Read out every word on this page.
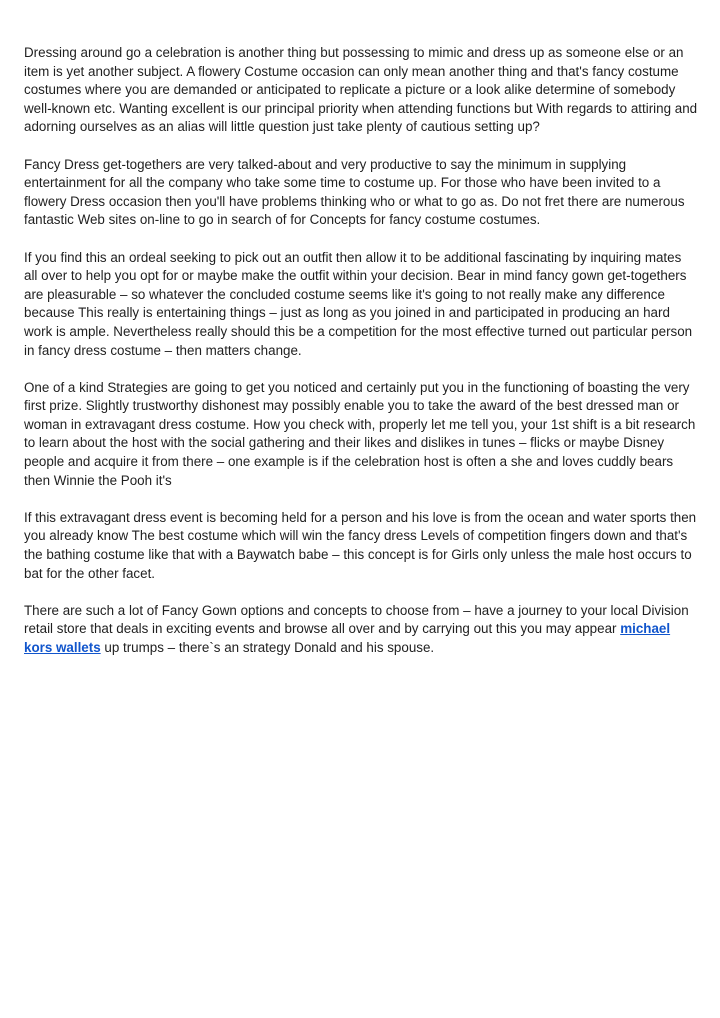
Dressing around go a celebration is another thing but possessing to mimic and dress up as someone else or an item is yet another subject. A flowery Costume occasion can only mean another thing and that's fancy costume costumes where you are demanded or anticipated to replicate a picture or a look alike determine of somebody well-known etc. Wanting excellent is our principal priority when attending functions but With regards to attiring and adorning ourselves as an alias will little question just take plenty of cautious setting up?

Fancy Dress get-togethers are very talked-about and very productive to say the minimum in supplying entertainment for all the company who take some time to costume up. For those who have been invited to a flowery Dress occasion then you'll have problems thinking who or what to go as. Do not fret there are numerous fantastic Web sites on-line to go in search of for Concepts for fancy costume costumes.

If you find this an ordeal seeking to pick out an outfit then allow it to be additional fascinating by inquiring mates all over to help you opt for or maybe make the outfit within your decision. Bear in mind fancy gown get-togethers are pleasurable – so whatever the concluded costume seems like it's going to not really make any difference because This really is entertaining things – just as long as you joined in and participated in producing an hard work is ample. Nevertheless really should this be a competition for the most effective turned out particular person in fancy dress costume – then matters change.

One of a kind Strategies are going to get you noticed and certainly put you in the functioning of boasting the very first prize. Slightly trustworthy dishonest may possibly enable you to take the award of the best dressed man or woman in extravagant dress costume. How you check with, properly let me tell you, your 1st shift is a bit research to learn about the host with the social gathering and their likes and dislikes in tunes – flicks or maybe Disney people and acquire it from there – one example is if the celebration host is often a she and loves cuddly bears then Winnie the Pooh it's

If this extravagant dress event is becoming held for a person and his love is from the ocean and water sports then you already know The best costume which will win the fancy dress Levels of competition fingers down and that's the bathing costume like that with a Baywatch babe – this concept is for Girls only unless the male host occurs to bat for the other facet.

There are such a lot of Fancy Gown options and concepts to choose from – have a journey to your local Division retail store that deals in exciting events and browse all over and by carrying out this you may appear michael kors wallets up trumps – there`s an strategy Donald and his spouse.
